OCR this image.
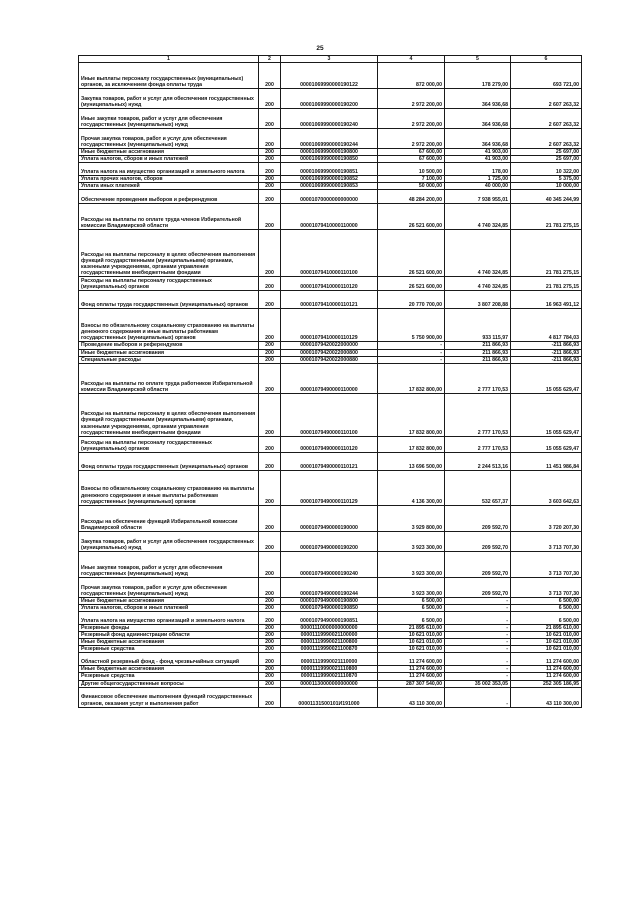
25
1	2	3	4	5	6
Иные выплаты персоналу государственных (муниципальных) органов, за исключением фонда оплаты труда	200	00001069990000190122	872 000,00	178 279,00	693 721,00
Закупка товаров, работ и услуг для обеспечения государственных (муниципальных) нужд	200	00001069990000190200	2 972 200,00	364 936,68	2 607 263,32
Иные закупки товаров, работ и услуг для обеспечения государственных (муниципальных) нужд	200	00001069990000190240	2 972 200,00	364 936,68	2 607 263,32
Прочая закупка товаров, работ и услуг для обеспечения государственных (муниципальных) нужд	200	00001069990000190244	2 972 200,00	364 936,68	2 607 263,32
Иные бюджетные ассигнования	200	00001069990000190800	67 600,00	41 903,00	25 697,00
Уплата налогов, сборов и иных платежей	200	00001069990000190850	67 600,00	41 903,00	25 697,00
Уплата налога на имущество организаций и земельного налога	200	00001069990000190851	10 500,00	178,00	10 322,00
Уплата прочих налогов, сборов	200	00001069990000190852	7 100,00	1 725,00	5 375,00
Уплата иных платежей	200	00001069990000190853	50 000,00	40 000,00	10 000,00
Обеспечение проведения выборов и референдумов	200	00001070000000000000	48 284 200,00	7 938 955,01	40 345 244,99
Расходы на выплаты по оплате труда членов Избирательной комиссии Владимирской области	200	00001079410000110000	26 521 600,00	4 740 324,85	21 781 275,15
Расходы на выплаты персоналу в целях обеспечения выполнения функций государственными (муниципальными) органами, казенными учреждениями, органами управления государственными внебюджетными фондами	200	00001079410000110100	26 521 600,00	4 740 324,85	21 781 275,15
Расходы на выплаты персоналу государственных (муниципальных) органов	200	00001079410000110120	26 521 600,00	4 740 324,85	21 781 275,15
Фонд оплаты труда государственных (муниципальных) органов	200	00001079410000110121	20 770 700,00	3 807 208,88	16 963 491,12
Взносы по обязательному социальному страхованию на выплаты денежного содержания и иные выплаты работникам государственных (муниципальных) органов	200	00001079410000110129	5 750 900,00	933 115,97	4 817 784,03
Проведение выборов и референдумов	200	00001079420022000000	-	211 866,93	-211 866,93
Иные бюджетные ассигнования	200	00001079420022000800	-	211 866,93	-211 866,93
Специальные расходы	200	00001079420022000880	-	211 866,93	-211 866,93
Расходы на выплаты по оплате труда работников Избирательной комиссии Владимирской области	200	00001079490000110000	17 832 800,00	2 777 170,53	15 055 629,47
Расходы на выплаты персоналу в целях обеспечения выполнения функций государственными (муниципальными) органами, казенными учреждениями, органами управления государственными внебюджетными фондами	200	00001079490000110100	17 832 800,00	2 777 170,53	15 055 629,47
Расходы на выплаты персоналу государственных (муниципальных) органов	200	00001079490000110120	17 832 800,00	2 777 170,53	15 055 629,47
Фонд оплаты труда государственных (муниципальных) органов	200	00001079490000110121	13 696 500,00	2 244 513,16	11 451 986,84
Взносы по обязательному социальному страхованию на выплаты денежного содержания и иные выплаты работникам государственных (муниципальных) органов	200	00001079490000110129	4 136 300,00	532 657,37	3 603 642,63
Расходы на обеспечение функций Избирательной комиссии Владимирской области	200	00001079490000190000	3 929 800,00	209 592,70	3 720 207,30
Закупка товаров, работ и услуг для обеспечения государственных (муниципальных) нужд	200	00001079490000190200	3 923 300,00	209 592,70	3 713 707,30
Иные закупки товаров, работ и услуг для обеспечения государственных (муниципальных) нужд	200	00001079490000190240	3 923 300,00	209 592,70	3 713 707,30
Прочая закупка товаров, работ и услуг для обеспечения государственных (муниципальных) нужд	200	00001079490000190244	3 923 300,00	209 592,70	3 713 707,30
Иные бюджетные ассигнования	200	00001079490000190800	6 500,00	-	6 500,00
Уплата налогов, сборов и иных платежей	200	00001079490000190850	6 500,00	-	6 500,00
Уплата налога на имущество организаций и земельного налога	200	00001079490000190851	6 500,00	-	6 500,00
Резервные фонды	200	00001110000000000000	21 895 610,00	-	21 895 610,00
Резервный фонд администрации области	200	00001119990021100000	10 621 010,00	-	10 621 010,00
Иные бюджетные ассигнования	200	00001119990021100800	10 621 010,00	-	10 621 010,00
Резервные средства	200	00001119990021100870	10 621 010,00	-	10 621 010,00
Областной резервный фонд - фонд чрезвычайных ситуаций	200	00001119990021110000	11 274 600,00	-	11 274 600,00
Иные бюджетные ассигнования	200	00001119990021110800	11 274 600,00	-	11 274 600,00
Резервные средства	200	00001119990021110870	11 274 600,00	-	11 274 600,00
Другие общегосударственные вопросы	200	00001130000000000000	287 307 540,00	35 002 353,05	252 305 186,95
Финансовое обеспечение выполнения функций государственных органов, оказания услуг и выполнения работ	200	00001131500101И191000	43 110 300,00	-	43 110 300,00
